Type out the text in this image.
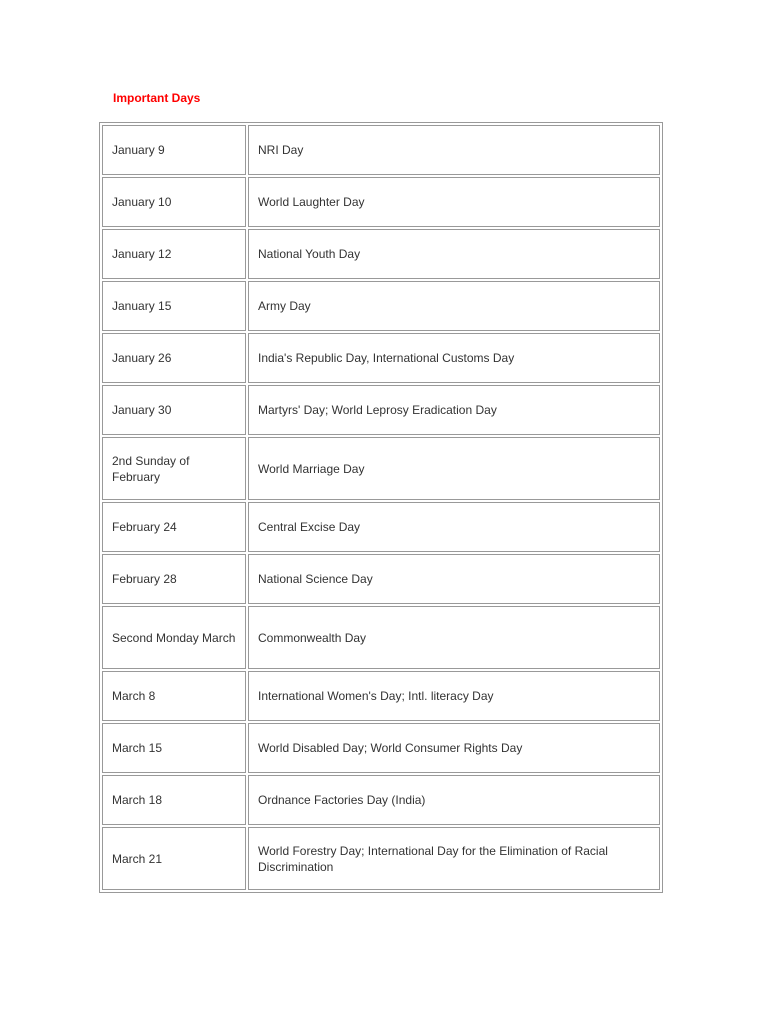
Important Days
January 9	NRI Day
January 10	World Laughter Day
January 12	National Youth Day
January 15	Army Day
January 26	India's Republic Day, International Customs Day
January 30	Martyrs' Day; World Leprosy Eradication Day
2nd Sunday of February	World Marriage Day
February 24	Central Excise Day
February 28	National Science Day
Second Monday March	Commonwealth Day
March 8	International Women's Day; Intl. literacy Day
March 15	World Disabled Day; World Consumer Rights Day
March 18	Ordnance Factories Day (India)
March 21	World Forestry Day; International Day for the Elimination of Racial Discrimination
